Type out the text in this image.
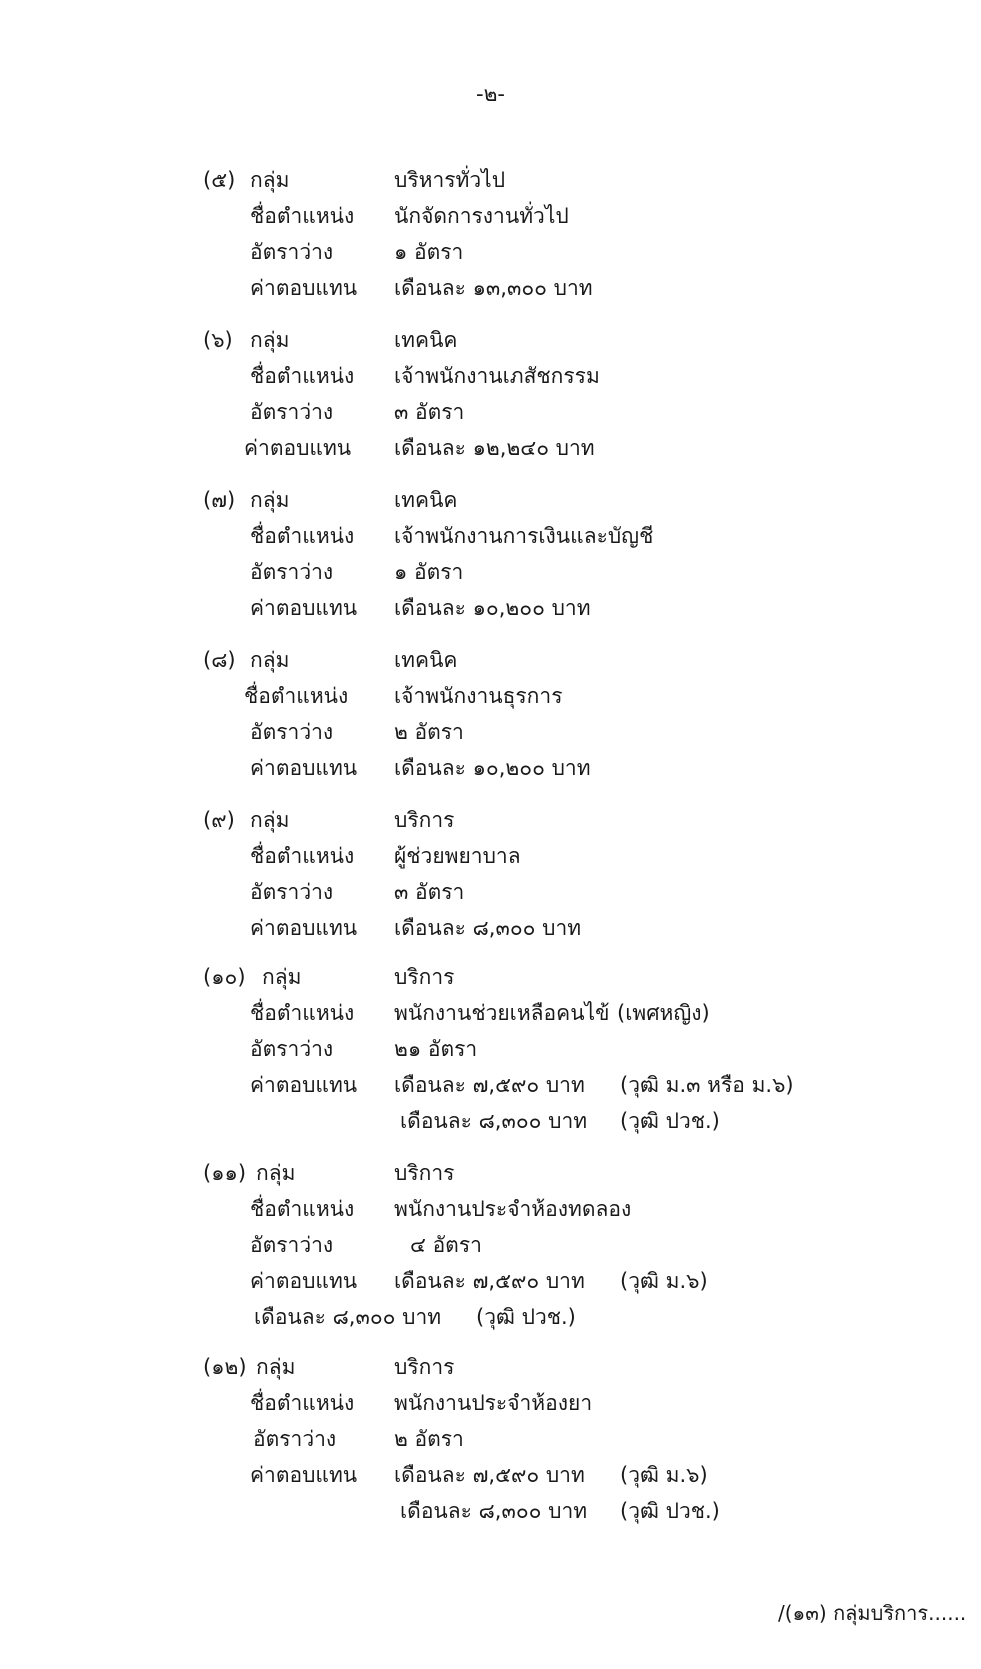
-๒-
(๕) กลุ่ม	บริหารทั่วไป
ชื่อตำแหน่ง นักจัดการงานทั่วไป
อัตราว่าง	๑ อัตรา
ค่าตอบแทน เดือนละ ๑๓,๓๐๐ บาท
(๖) กลุ่ม	เทคนิค
ชื่อตำแหน่ง เจ้าพนักงานเภสัชกรรม
อัตราว่าง	๓ อัตรา
ค่าตอบแทน เดือนละ ๑๒,๒๔๐ บาท
(๗) กลุ่ม	เทคนิค
ชื่อตำแหน่ง เจ้าพนักงานการเงินและบัญชี
อัตราว่าง	๑ อัตรา
ค่าตอบแทน เดือนละ ๑๐,๒๐๐ บาท
(๘) กลุ่ม	เทคนิค
ชื่อตำแหน่ง เจ้าพนักงานธุรการ
อัตราว่าง	๒ อัตรา
ค่าตอบแทน เดือนละ ๑๐,๒๐๐ บาท
(๙) กลุ่ม	บริการ
ชื่อตำแหน่ง ผู้ช่วยพยาบาล
อัตราว่าง	๓ อัตรา
ค่าตอบแทน เดือนละ ๘,๓๐๐ บาท
(๑๐) กลุ่ม	บริการ
ชื่อตำแหน่ง พนักงานช่วยเหลือคนไข้ (เพศหญิง)
อัตราว่าง	๒๑ อัตรา
ค่าตอบแทน เดือนละ ๗,๕๙๐ บาท (วุฒิ ม.๓ หรือ ม.๖)
เดือนละ ๘,๓๐๐ บาท (วุฒิ ปวช.)
(๑๑) กลุ่ม	บริการ
ชื่อตำแหน่ง พนักงานประจำห้องทดลอง
อัตราว่าง	๔ อัตรา
ค่าตอบแทน เดือนละ ๗,๕๙๐ บาท (วุฒิ ม.๖)
เดือนละ ๘,๓๐๐ บาท (วุฒิ ปวช.)
(๑๒) กลุ่ม	บริการ
ชื่อตำแหน่ง พนักงานประจำห้องยา
อัตราว่าง	๒ อัตรา
ค่าตอบแทน เดือนละ ๗,๕๙๐ บาท (วุฒิ ม.๖)
เดือนละ ๘,๓๐๐ บาท (วุฒิ ปวช.)
/(๑๓) กลุ่มบริการ......
